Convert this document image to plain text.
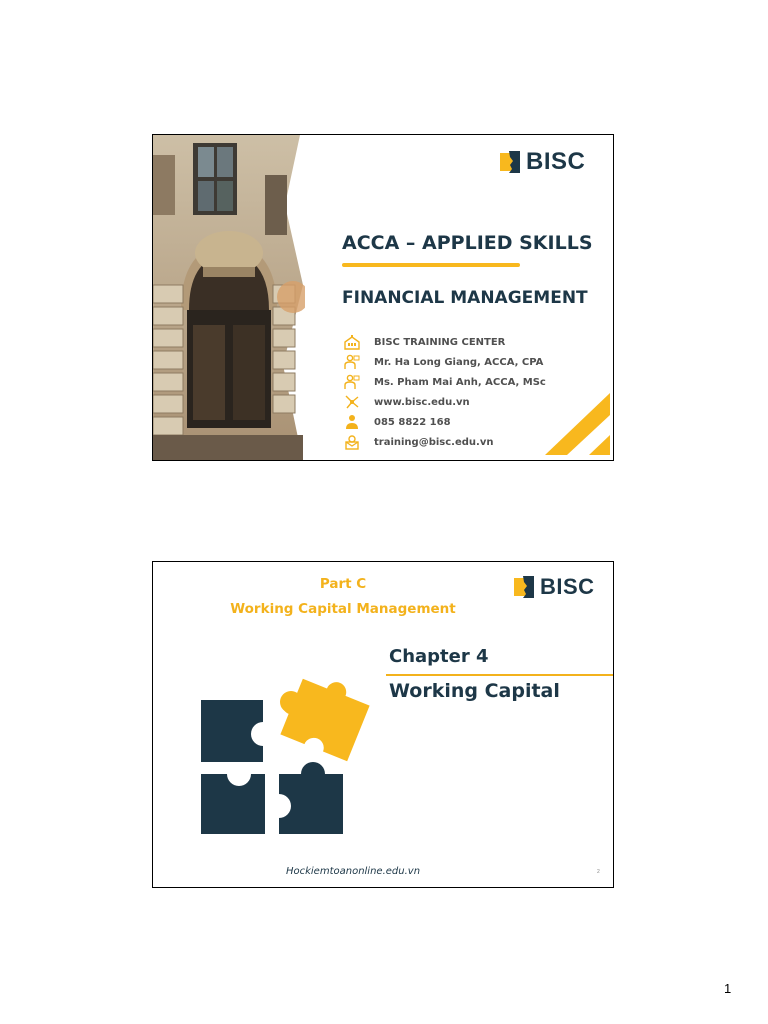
BISC
ACCA – APPLIED SKILLS
FINANCIAL MANAGEMENT
BISC TRAINING CENTER
Mr. Ha Long Giang, ACCA, CPA
Ms. Pham Mai Anh, ACCA, MSc
www.bisc.edu.vn
085 8822 168
training@bisc.edu.vn
Part C
Working Capital Management
BISC
Chapter 4
Working Capital
Hockiemtoanonline.edu.vn	2
1
